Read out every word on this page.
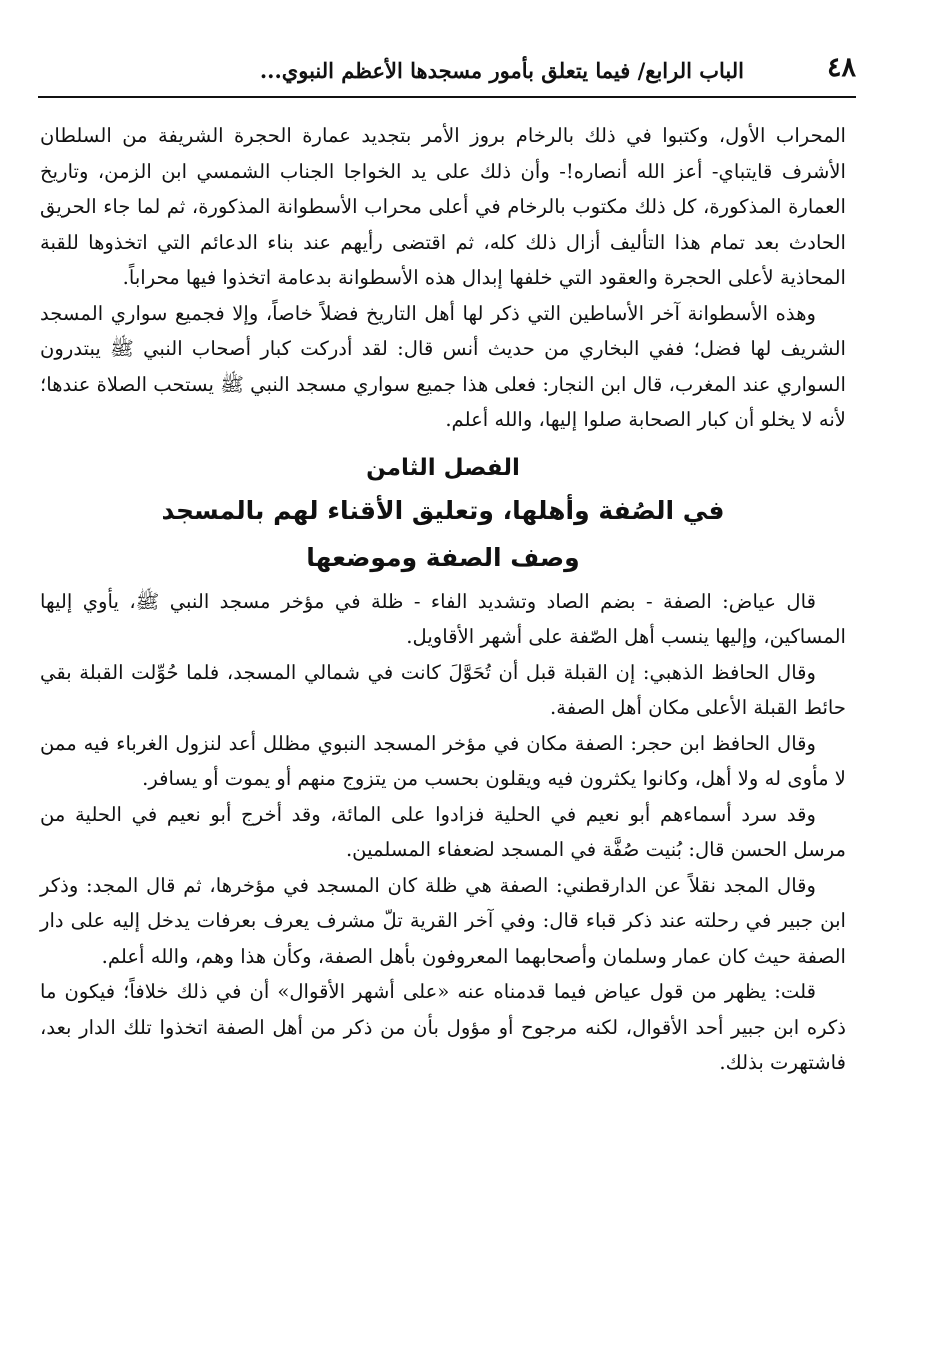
٤٨
الباب الرابع/ فيما يتعلق بأمور مسجدها الأعظم النبوي...

المحراب الأول، وكتبوا في ذلك بالرخام بروز الأمر بتجديد عمارة الحجرة الشريفة من السلطان الأشرف قايتباي- أعز الله أنصاره!- وأن ذلك على يد الخواجا الجناب الشمسي ابن الزمن، وتاريخ العمارة المذكورة، كل ذلك مكتوب بالرخام في أعلى محراب الأسطوانة المذكورة، ثم لما جاء الحريق الحادث بعد تمام هذا التأليف أزال ذلك كله، ثم اقتضى رأيهم عند بناء الدعائم التي اتخذوها للقبة المحاذية لأعلى الحجرة والعقود التي خلفها إبدال هذه الأسطوانة بدعامة اتخذوا فيها محراباً.

وهذه الأسطوانة آخر الأساطين التي ذكر لها أهل التاريخ فضلاً خاصاً، وإلا فجميع سواري المسجد الشريف لها فضل؛ ففي البخاري من حديث أنس قال: لقد أدركت كبار أصحاب النبي ﷺ يبتدرون السواري عند المغرب، قال ابن النجار: فعلى هذا جميع سواري مسجد النبي ﷺ يستحب الصلاة عندها؛ لأنه لا يخلو أن كبار الصحابة صلوا إليها، والله أعلم.

الفصل الثامن
في الصُفة وأهلها، وتعليق الأقناء لهم بالمسجد
وصف الصفة وموضعها

قال عياض: الصفة - بضم الصاد وتشديد الفاء - ظلة في مؤخر مسجد النبي ﷺ، يأوي إليها المساكين، وإليها ينسب أهل الصّفة على أشهر الأقاويل.

وقال الحافظ الذهبي: إن القبلة قبل أن تُحَوَّلَ كانت في شمالي المسجد، فلما حُوِّلت القبلة بقي حائط القبلة الأعلى مكان أهل الصفة.

وقال الحافظ ابن حجر: الصفة مكان في مؤخر المسجد النبوي مظلل أعد لنزول الغرباء فيه ممن لا مأوى له ولا أهل، وكانوا يكثرون فيه ويقلون بحسب من يتزوج منهم أو يموت أو يسافر.

وقد سرد أسماءهم أبو نعيم في الحلية فزادوا على المائة، وقد أخرج أبو نعيم في الحلية من مرسل الحسن قال: بُنيت صُفَّة في المسجد لضعفاء المسلمين.

وقال المجد نقلاً عن الدارقطني: الصفة هي ظلة كان المسجد في مؤخرها، ثم قال المجد: وذكر ابن جبير في رحلته عند ذكر قباء قال: وفي آخر القرية تلّ مشرف يعرف بعرفات يدخل إليه على دار الصفة حيث كان عمار وسلمان وأصحابهما المعروفون بأهل الصفة، وكأن هذا وهم، والله أعلم.

قلت: يظهر من قول عياض فيما قدمناه عنه «على أشهر الأقوال» أن في ذلك خلافاً؛ فيكون ما ذكره ابن جبير أحد الأقوال، لكنه مرجوح أو مؤول بأن من ذكر من أهل الصفة اتخذوا تلك الدار بعد، فاشتهرت بذلك.
